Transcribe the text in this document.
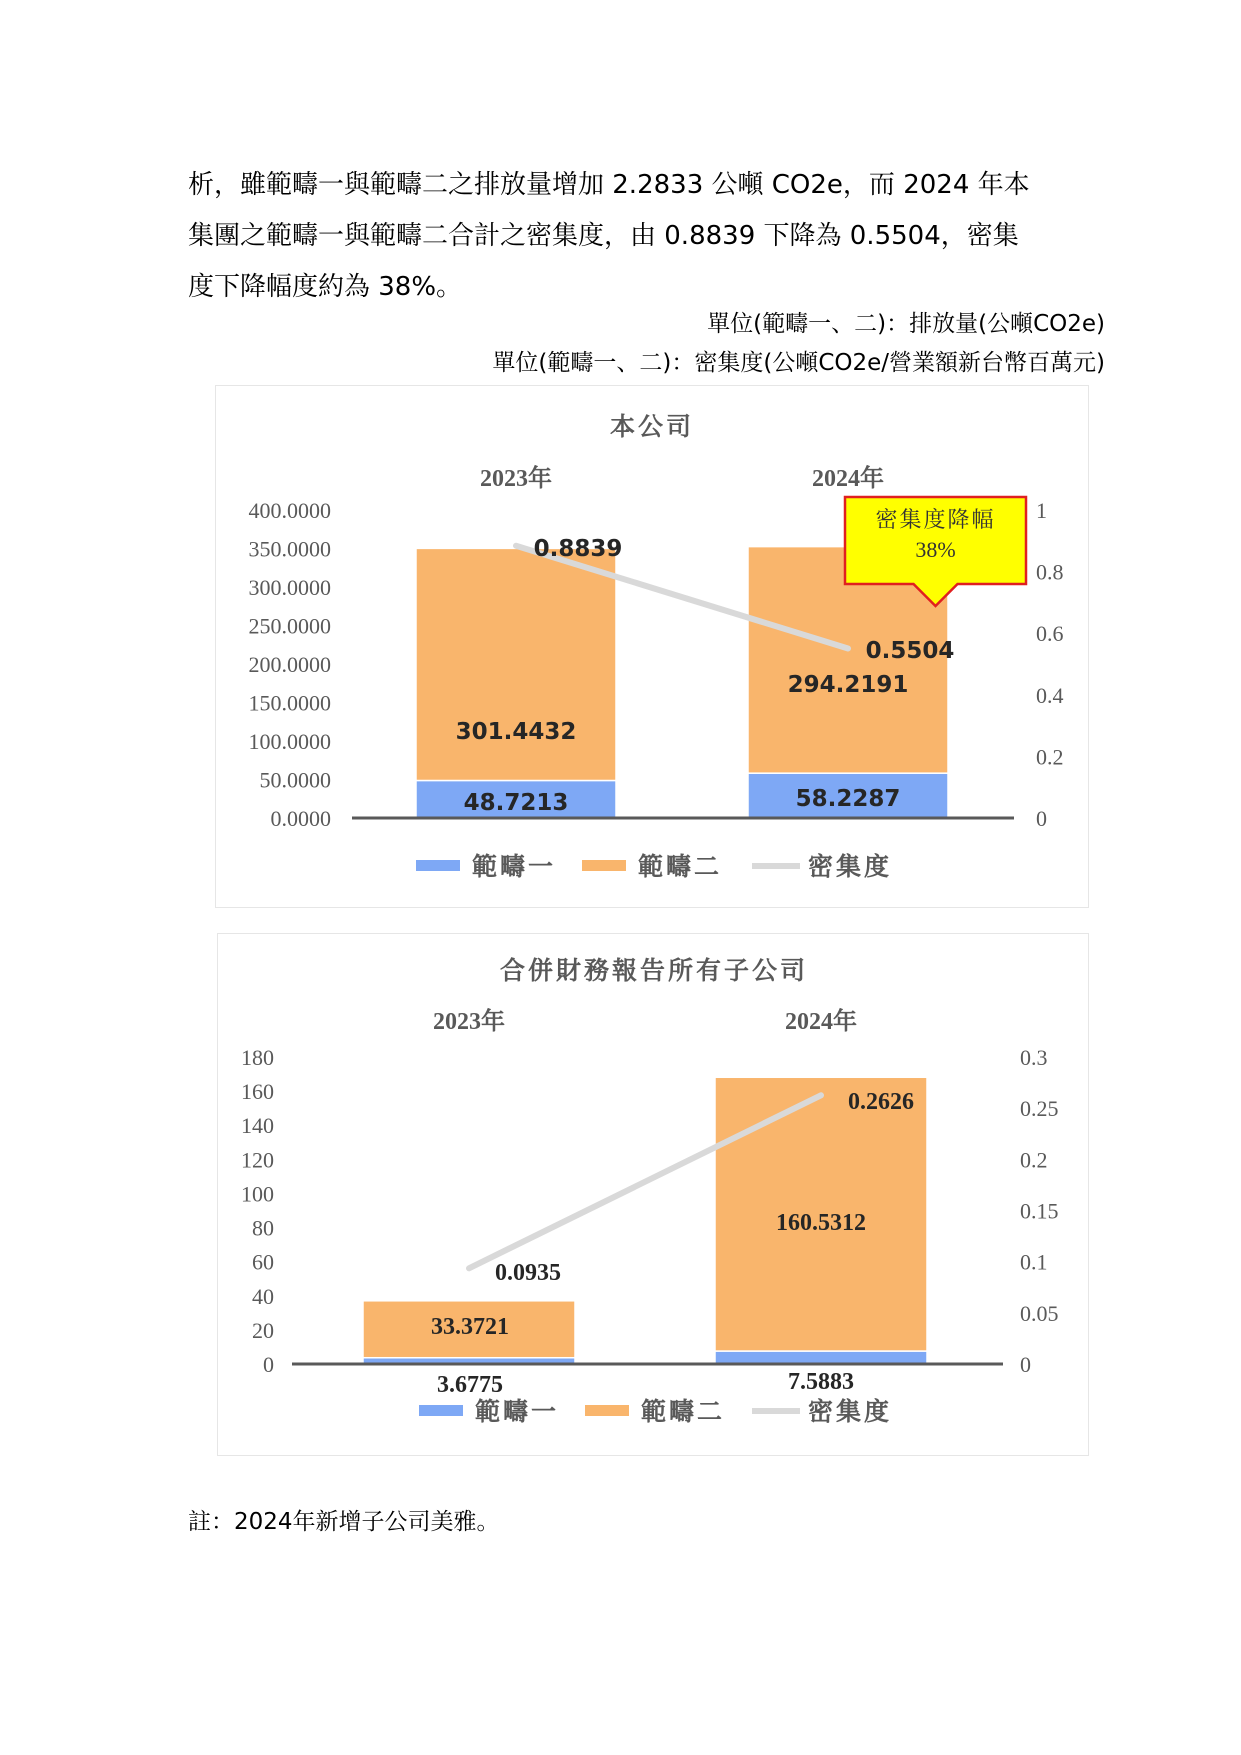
析，雖範疇一與範疇二之排放量增加 2.2833 公噸 CO2e，而 2024 年本
集團之範疇一與範疇二合計之密集度，由 0.8839 下降為 0.5504，密集
度下降幅度約為 38%。
單位(範疇一、二)：排放量(公噸CO2e)
單位(範疇一、二)：密集度(公噸CO2e/營業額新台幣百萬元)
本公司
2023年	2024年
0.0000
50.0000
100.0000
150.0000
200.0000
250.0000
300.0000
350.0000
400.0000
0
0.2
0.4
0.6
0.8
1
48.7213
301.4432
0.8839
58.2287
294.2191
0.5504
範疇一	範疇二	密集度
密集度降幅
38%
合併財務報告所有子公司
2023年	2024年
0
20
40
60
80
100
120
140
160
180
0
0.05
0.1
0.15
0.2
0.25
0.3
3.6775
33.3721
0.0935
7.5883
160.5312
0.2626
範疇一	範疇二	密集度
註：2024年新增子公司美雅。
